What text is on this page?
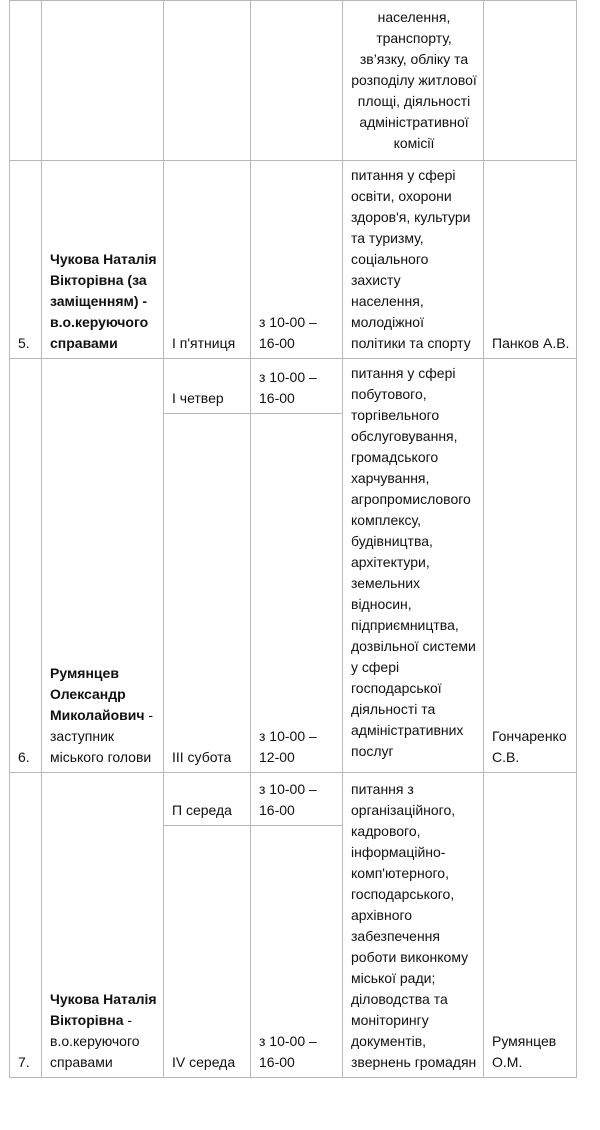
				населення, транспорту, зв’язку, обліку та розподілу житлової площі, діяльності адміністративної комісії	
5.	Чукова Наталія Вікторівна (за заміщенням) - в.о.керуючого справами	І п'ятниця	з 10-00 – 16-00	питання у сфері освіти, охорони здоров'я, культури та туризму, соціального захисту населення, молодіжної політики та спорту	Панков А.В.
6.	Румянцев Олександр Миколайович - заступник міського голови	І четвер	з 10-00 – 16-00	питання у сфері побутового, торгівельного обслуговування, громадського харчування, агропромислового комплексу, будівництва, архітектури, земельних відносин, підприємництва, дозвільної системи у сфері господарської діяльності та адміністративних послуг	Гончаренко С.В.
		ІІІ субота	з 10-00 – 12-00		
7.	Чукова Наталія Вікторівна - в.о.керуючого справами	П середа	з 10-00 – 16-00	питання з організаційного, кадрового, інформаційно-комп'ютерного, господарського, архівного забезпечення роботи виконкому міської ради; діловодства та моніторингу документів, звернень громадян	Румянцев О.М.
		ІV середа	з 10-00 – 16-00		
